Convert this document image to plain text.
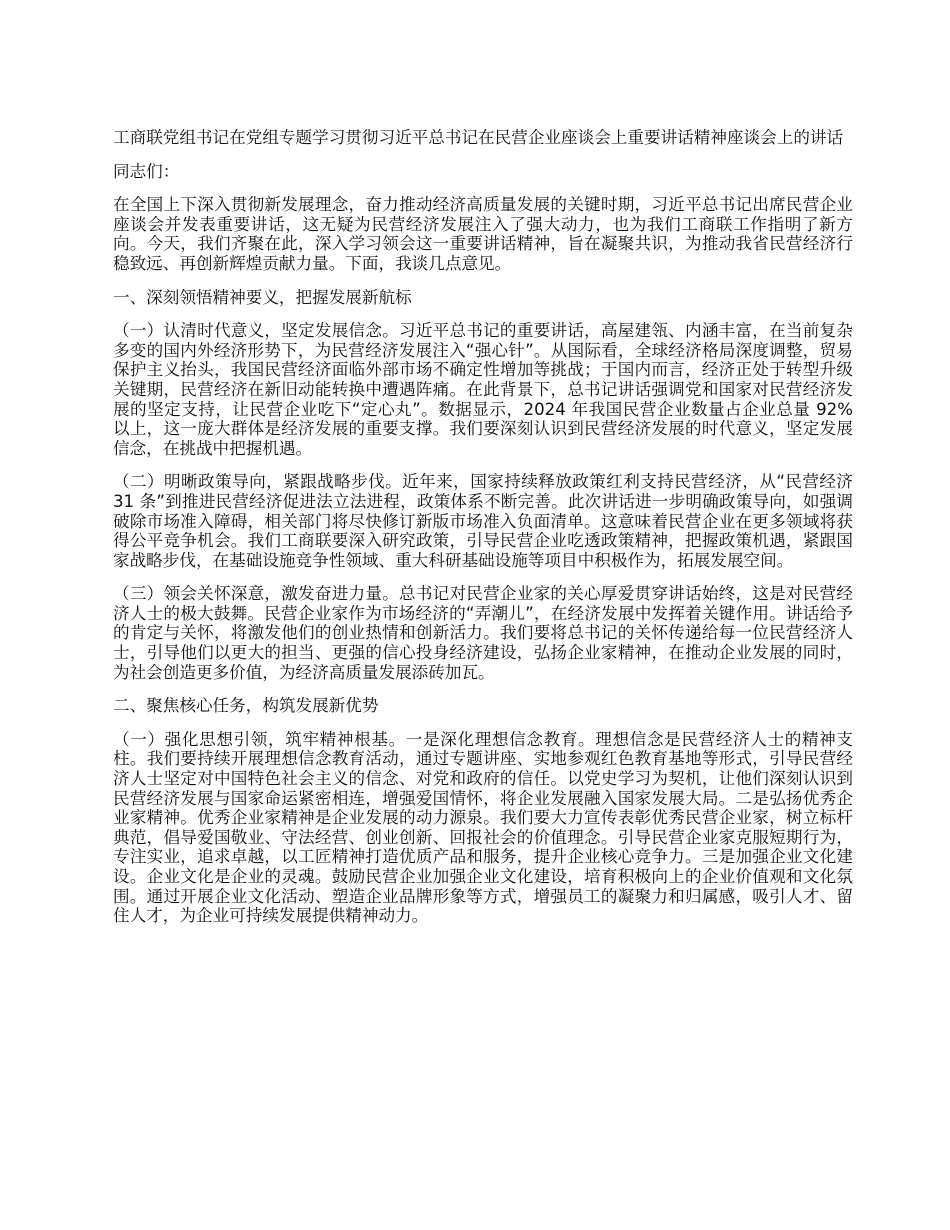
工商联党组书记在党组专题学习贯彻习近平总书记在民营企业座谈会上重要讲话精神座谈会上的讲话

同志们：

在全国上下深入贯彻新发展理念，奋力推动经济高质量发展的关键时期，习近平总书记出席民营企业座谈会并发表重要讲话，这无疑为民营经济发展注入了强大动力，也为我们工商联工作指明了新方向。今天，我们齐聚在此，深入学习领会这一重要讲话精神，旨在凝聚共识，为推动我省民营经济行稳致远、再创新辉煌贡献力量。下面，我谈几点意见。

一、深刻领悟精神要义，把握发展新航标

（一）认清时代意义，坚定发展信念。习近平总书记的重要讲话，高屋建瓴、内涵丰富，在当前复杂多变的国内外经济形势下，为民营经济发展注入“强心针”。从国际看，全球经济格局深度调整，贸易保护主义抬头，我国民营经济面临外部市场不确定性增加等挑战；于国内而言，经济正处于转型升级关键期，民营经济在新旧动能转换中遭遇阵痛。在此背景下，总书记讲话强调党和国家对民营经济发展的坚定支持，让民营企业吃下“定心丸”。数据显示，2024 年我国民营企业数量占企业总量 92% 以上，这一庞大群体是经济发展的重要支撑。我们要深刻认识到民营经济发展的时代意义，坚定发展信念，在挑战中把握机遇。

（二）明晰政策导向，紧跟战略步伐。近年来，国家持续释放政策红利支持民营经济，从“民营经济 31 条”到推进民营经济促进法立法进程，政策体系不断完善。此次讲话进一步明确政策导向，如强调破除市场准入障碍，相关部门将尽快修订新版市场准入负面清单。这意味着民营企业在更多领域将获得公平竞争机会。我们工商联要深入研究政策，引导民营企业吃透政策精神，把握政策机遇，紧跟国家战略步伐，在基础设施竞争性领域、重大科研基础设施等项目中积极作为，拓展发展空间。

（三）领会关怀深意，激发奋进力量。总书记对民营企业家的关心厚爱贯穿讲话始终，这是对民营经济人士的极大鼓舞。民营企业家作为市场经济的“弄潮儿”，在经济发展中发挥着关键作用。讲话给予的肯定与关怀，将激发他们的创业热情和创新活力。我们要将总书记的关怀传递给每一位民营经济人士，引导他们以更大的担当、更强的信心投身经济建设，弘扬企业家精神，在推动企业发展的同时，为社会创造更多价值，为经济高质量发展添砖加瓦。

二、聚焦核心任务，构筑发展新优势

（一）强化思想引领，筑牢精神根基。一是深化理想信念教育。理想信念是民营经济人士的精神支柱。我们要持续开展理想信念教育活动，通过专题讲座、实地参观红色教育基地等形式，引导民营经济人士坚定对中国特色社会主义的信念、对党和政府的信任。以党史学习为契机，让他们深刻认识到民营经济发展与国家命运紧密相连，增强爱国情怀，将企业发展融入国家发展大局。二是弘扬优秀企业家精神。优秀企业家精神是企业发展的动力源泉。我们要大力宣传表彰优秀民营企业家，树立标杆典范，倡导爱国敬业、守法经营、创业创新、回报社会的价值理念。引导民营企业家克服短期行为，专注实业，追求卓越，以工匠精神打造优质产品和服务，提升企业核心竞争力。三是加强企业文化建设。企业文化是企业的灵魂。鼓励民营企业加强企业文化建设，培育积极向上的企业价值观和文化氛围。通过开展企业文化活动、塑造企业品牌形象等方式，增强员工的凝聚力和归属感，吸引人才、留住人才，为企业可持续发展提供精神动力。
